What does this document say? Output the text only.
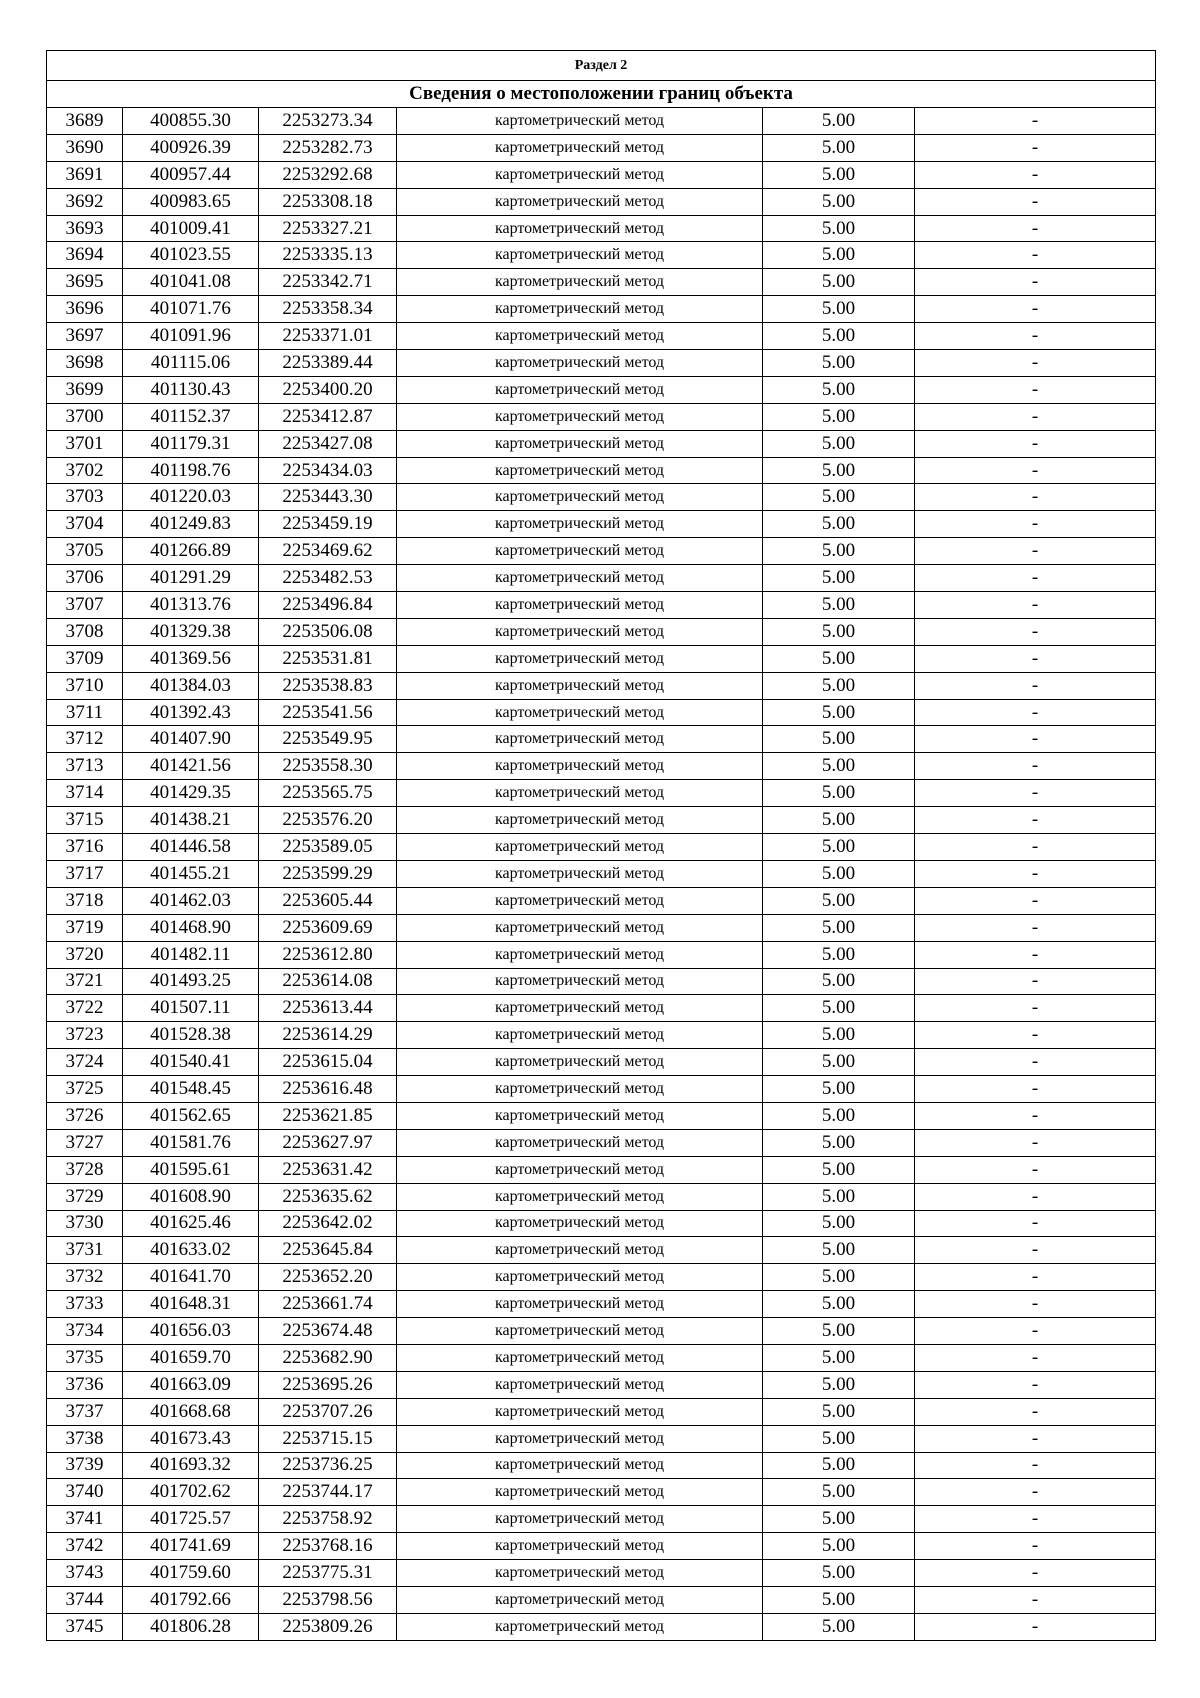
Раздел 2					
Сведения о местоположении границ объекта					
3689	400855.30	2253273.34	картометрический метод	5.00	-
3690	400926.39	2253282.73	картометрический метод	5.00	-
3691	400957.44	2253292.68	картометрический метод	5.00	-
3692	400983.65	2253308.18	картометрический метод	5.00	-
3693	401009.41	2253327.21	картометрический метод	5.00	-
3694	401023.55	2253335.13	картометрический метод	5.00	-
3695	401041.08	2253342.71	картометрический метод	5.00	-
3696	401071.76	2253358.34	картометрический метод	5.00	-
3697	401091.96	2253371.01	картометрический метод	5.00	-
3698	401115.06	2253389.44	картометрический метод	5.00	-
3699	401130.43	2253400.20	картометрический метод	5.00	-
3700	401152.37	2253412.87	картометрический метод	5.00	-
3701	401179.31	2253427.08	картометрический метод	5.00	-
3702	401198.76	2253434.03	картометрический метод	5.00	-
3703	401220.03	2253443.30	картометрический метод	5.00	-
3704	401249.83	2253459.19	картометрический метод	5.00	-
3705	401266.89	2253469.62	картометрический метод	5.00	-
3706	401291.29	2253482.53	картометрический метод	5.00	-
3707	401313.76	2253496.84	картометрический метод	5.00	-
3708	401329.38	2253506.08	картометрический метод	5.00	-
3709	401369.56	2253531.81	картометрический метод	5.00	-
3710	401384.03	2253538.83	картометрический метод	5.00	-
3711	401392.43	2253541.56	картометрический метод	5.00	-
3712	401407.90	2253549.95	картометрический метод	5.00	-
3713	401421.56	2253558.30	картометрический метод	5.00	-
3714	401429.35	2253565.75	картометрический метод	5.00	-
3715	401438.21	2253576.20	картометрический метод	5.00	-
3716	401446.58	2253589.05	картометрический метод	5.00	-
3717	401455.21	2253599.29	картометрический метод	5.00	-
3718	401462.03	2253605.44	картометрический метод	5.00	-
3719	401468.90	2253609.69	картометрический метод	5.00	-
3720	401482.11	2253612.80	картометрический метод	5.00	-
3721	401493.25	2253614.08	картометрический метод	5.00	-
3722	401507.11	2253613.44	картометрический метод	5.00	-
3723	401528.38	2253614.29	картометрический метод	5.00	-
3724	401540.41	2253615.04	картометрический метод	5.00	-
3725	401548.45	2253616.48	картометрический метод	5.00	-
3726	401562.65	2253621.85	картометрический метод	5.00	-
3727	401581.76	2253627.97	картометрический метод	5.00	-
3728	401595.61	2253631.42	картометрический метод	5.00	-
3729	401608.90	2253635.62	картометрический метод	5.00	-
3730	401625.46	2253642.02	картометрический метод	5.00	-
3731	401633.02	2253645.84	картометрический метод	5.00	-
3732	401641.70	2253652.20	картометрический метод	5.00	-
3733	401648.31	2253661.74	картометрический метод	5.00	-
3734	401656.03	2253674.48	картометрический метод	5.00	-
3735	401659.70	2253682.90	картометрический метод	5.00	-
3736	401663.09	2253695.26	картометрический метод	5.00	-
3737	401668.68	2253707.26	картометрический метод	5.00	-
3738	401673.43	2253715.15	картометрический метод	5.00	-
3739	401693.32	2253736.25	картометрический метод	5.00	-
3740	401702.62	2253744.17	картометрический метод	5.00	-
3741	401725.57	2253758.92	картометрический метод	5.00	-
3742	401741.69	2253768.16	картометрический метод	5.00	-
3743	401759.60	2253775.31	картометрический метод	5.00	-
3744	401792.66	2253798.56	картометрический метод	5.00	-
3745	401806.28	2253809.26	картометрический метод	5.00	-
